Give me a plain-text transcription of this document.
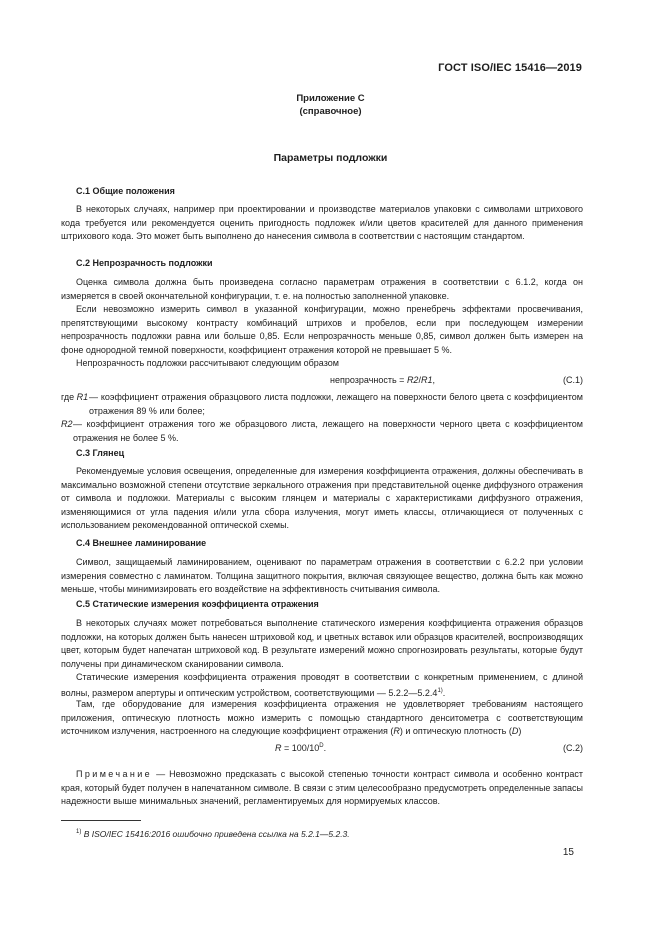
ГОСТ ISO/IEC 15416—2019
Приложение С
(справочное)
Параметры подложки
С.1 Общие положения
В некоторых случаях, например при проектировании и производстве материалов упаковки с символами штрихового кода требуется или рекомендуется оценить пригодность подложек и/или цветов красителей для данного применения штрихового кода. Это может быть выполнено до нанесения символа в соответствии с настоящим стандартом.
С.2 Непрозрачность подложки
Оценка символа должна быть произведена согласно параметрам отражения в соответствии с 6.1.2, когда он измеряется в своей окончательной конфигурации, т. е. на полностью заполненной упаковке.
Если невозможно измерить символ в указанной конфигурации, можно пренебречь эффектами просвечивания, препятствующими высокому контрасту комбинаций штрихов и пробелов, если при последующем измерении непрозрачность подложки равна или больше 0,85. Если непрозрачность меньше 0,85, символ должен быть измерен на фоне однородной темной поверхности, коэффициент отражения которой не превышает 5 %.
Непрозрачность подложки рассчитывают следующим образом
непрозрачность = R2/R1,	(С.1)
где R1 — коэффициент отражения образцового листа подложки, лежащего на поверхности белого цвета с коэффициентом отражения 89 % или более;
R2 — коэффициент отражения того же образцового листа, лежащего на поверхности черного цвета с коэффициентом отражения не более 5 %.
С.3 Глянец
Рекомендуемые условия освещения, определенные для измерения коэффициента отражения, должны обеспечивать в максимально возможной степени отсутствие зеркального отражения при представительной оценке диффузного отражения от символа и подложки. Материалы с высоким глянцем и материалы с характеристиками диффузного отражения, изменяющимися от угла падения и/или угла сбора излучения, могут иметь классы, отличающиеся от полученных с использованием рекомендованной оптической схемы.
С.4 Внешнее ламинирование
Символ, защищаемый ламинированием, оценивают по параметрам отражения в соответствии с 6.2.2 при условии измерения совместно с ламинатом. Толщина защитного покрытия, включая связующее вещество, должна быть как можно меньше, чтобы минимизировать его воздействие на эффективность считывания символа.
С.5 Статические измерения коэффициента отражения
В некоторых случаях может потребоваться выполнение статического измерения коэффициента отражения образцов подложки, на которых должен быть нанесен штриховой код, и цветных вставок или образцов красителей, воспроизводящих цвет, которым будет напечатан штриховой код. В результате измерений можно спрогнозировать результаты, которые будут получены при динамическом сканировании символа.
Статические измерения коэффициента отражения проводят в соответствии с конкретным применением, с длиной волны, размером апертуры и оптическим устройством, соответствующими — 5.2.2—5.2.4$^{1)}$.
Там, где оборудование для измерения коэффициента отражения не удовлетворяет требованиям настоящего приложения, оптическую плотность можно измерить с помощью стандартного денситометра с соответствующим источником излучения, настроенного на следующие коэффициент отражения (R) и оптическую плотность (D)
$R = 100/10^D$.	(С.2)
Примечание — Невозможно предсказать с высокой степенью точности контраст символа и особенно контраст края, который будет получен в напечатанном символе. В связи с этим целесообразно предусмотреть определенные запасы надежности выше минимальных значений, регламентируемых для нормируемых классов.
$^{1)}$ В ISO/IEC 15416:2016 ошибочно приведена ссылка на 5.2.1—5.2.3.
15
